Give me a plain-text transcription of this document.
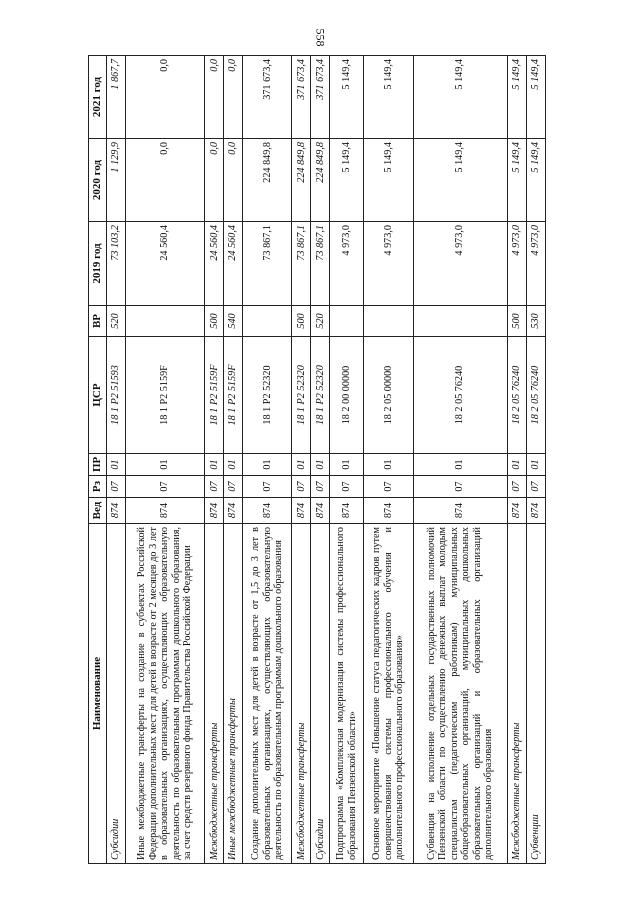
558
Наименование	Вед	Рз	ПР	ЦСР	ВР	2019 год	2020 год	2021 год
Субсидии	874	07	01	18 1 P2 51593	520	73 103,2	1 129,9	1 867,7
Иные межбюджетные трансферты на создание в субъектах Российской Федерации дополнительных мест для детей в возрасте от 2 месяцев до 3 лет в образовательных организациях, осуществляющих образовательную деятельность по образовательным программам дошкольного образования, за счет средств резервного фонда Правительства Российской Федерации	874	07	01	18 1 P2 5159F		24 560,4	0,0	0,0
Межбюджетные трансферты	874	07	01	18 1 P2 5159F	500	24 560,4	0,0	0,0
Иные межбюджетные трансферты	874	07	01	18 1 P2 5159F	540	24 560,4	0,0	0,0
Создание дополнительных мест для детей в возрасте от 1,5 до 3 лет в образовательных организациях, осуществляющих образовательную деятельность по образовательным программам дошкольного образования	874	07	01	18 1 P2 52320		73 867,1	224 849,8	371 673,4
Межбюджетные трансферты	874	07	01	18 1 P2 52320	500	73 867,1	224 849,8	371 673,4
Субсидии	874	07	01	18 1 P2 52320	520	73 867,1	224 849,8	371 673,4
Подпрограмма «Комплексная модернизация системы профессионального образования Пензенской области»	874	07	01	18 2 00 00000		4 973,0	5 149,4	5 149,4
Основное мероприятие «Повышение статуса педагогических кадров путем совершенствования системы профессионального обучения и дополнительного профессионального образования»	874	07	01	18 2 05 00000		4 973,0	5 149,4	5 149,4
Субвенция на исполнение отдельных государственных полномочий Пензенской области по осуществлению денежных выплат молодым специалистам (педагогическим работникам) муниципальных общеобразовательных организаций, муниципальных дошкольных образовательных организаций и образовательных организаций дополнительного образования	874	07	01	18 2 05 76240		4 973,0	5 149,4	5 149,4
Межбюджетные трансферты	874	07	01	18 2 05 76240	500	4 973,0	5 149,4	5 149,4
Субвенции	874	07	01	18 2 05 76240	530	4 973,0	5 149,4	5 149,4
